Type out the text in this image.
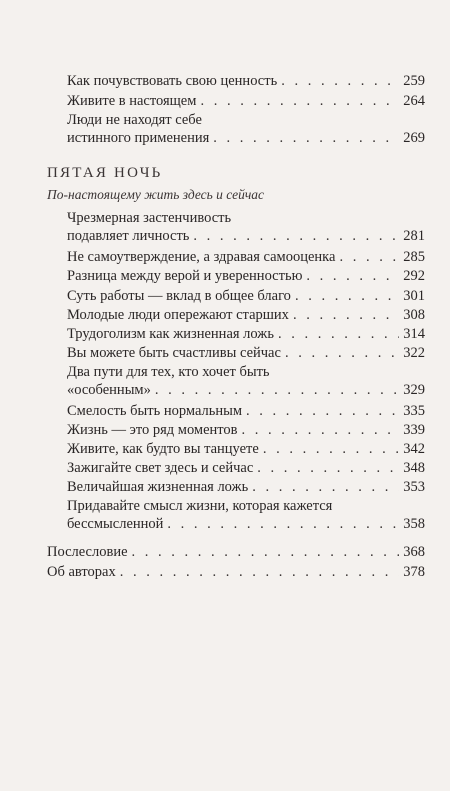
Как почувствовать свою ценность . . .	259
Живите в настоящем . . .	264
Люди не находят себе
истинного применения . . .	269
ПЯТАЯ НОЧЬ
По-настоящему жить здесь и сейчас
Чрезмерная застенчивость
подавляет личность . . .	281
Не самоутверждение, а здравая самооценка . . .	285
Разница между верой и уверенностью . . .	292
Суть работы — вклад в общее благо . . .	301
Молодые люди опережают старших . . .	308
Трудоголизм как жизненная ложь . . .	314
Вы можете быть счастливы сейчас . . .	322
Два пути для тех, кто хочет быть
«особенным» . . .	329
Смелость быть нормальным . . .	335
Жизнь — это ряд моментов . . .	339
Живите, как будто вы танцуете . . .	342
Зажигайте свет здесь и сейчас . . .	348
Величайшая жизненная ложь . . .	353
Придавайте смысл жизни, которая кажется
бессмысленной . . .	358
Послесловие . . .	368
Об авторах . . .	378
